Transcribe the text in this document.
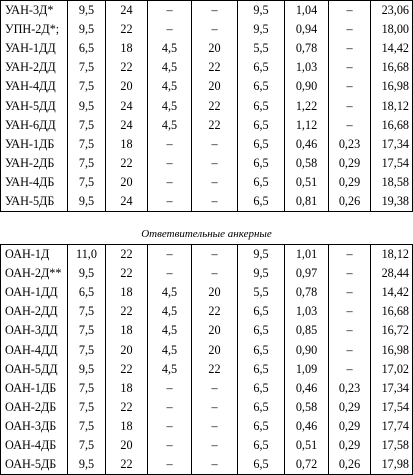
УАН-3Д*	9,5	24	–	–	9,5	1,04	–	23,06
УПН-2Д*;	9,5	22	–	–	9,5	0,94	–	18,00
УАН-1ДД	6,5	18	4,5	20	5,5	0,78	–	14,42
УАН-2ДД	7,5	22	4,5	22	6,5	1,03	–	16,68
УАН-4ДД	7,5	20	4,5	20	6,5	0,90	–	16,98
УАН-5ДД	9,5	24	4,5	22	6,5	1,22	–	18,12
УАН-6ДД	7,5	24	4,5	22	6,5	1,12	–	16,68
УАН-1ДБ	7,5	18	–	–	6,5	0,46	0,23	17,34
УАН-2ДБ	7,5	22	–	–	6,5	0,58	0,29	17,54
УАН-4ДБ	7,5	20	–	–	6,5	0,51	0,29	18,58
УАН-5ДБ	9,5	24	–	–	6,5	0,81	0,26	19,38

Ответвительные анкерные								
ОАН-1Д	11,0	22	–	–	9,5	1,01	–	18,12
ОАН-2Д**	9,5	22	–	–	9,5	0,97	–	28,44
ОАН-1ДД	6,5	18	4,5	20	5,5	0,78	–	14,42
ОАН-2ДД	7,5	22	4,5	22	6,5	1,03	–	16,68
ОАН-3ДД	7,5	18	4,5	20	6,5	0,85	–	16,72
ОАН-4ДД	7,5	20	4,5	20	6,5	0,90	–	16,98
ОАН-5ДД	9,5	22	4,5	22	6,5	1,09	–	17,02
ОАН-1ДБ	7,5	18	–	–	6,5	0,46	0,23	17,34
ОАН-2ДБ	7,5	22	–	–	6,5	0,58	0,29	17,54
ОАН-3ДБ	7,5	18	–	–	6,5	0,46	0,29	17,74
ОАН-4ДБ	7,5	20	–	–	6,5	0,51	0,29	17,58
ОАН-5ДБ	9,5	22	–	–	6,5	0,72	0,26	17,98
